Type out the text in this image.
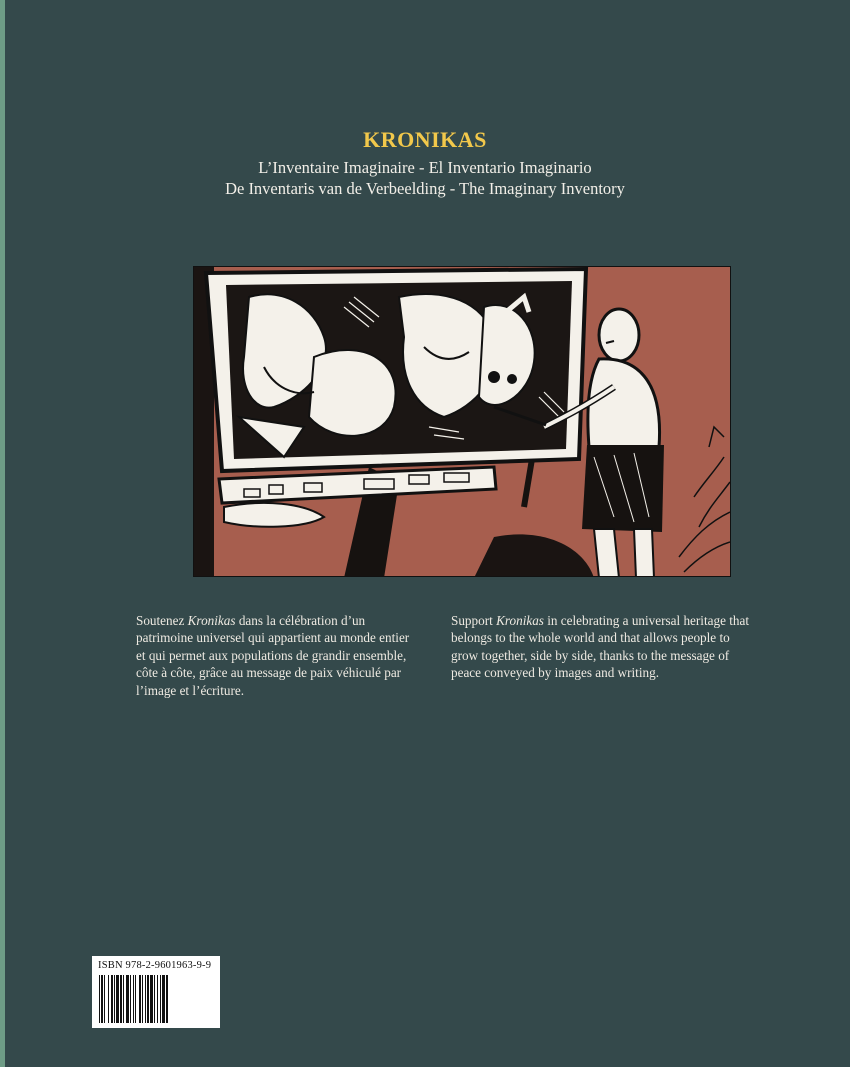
KRONIKAS
L’Inventaire Imaginaire - El Inventario Imaginario
De Inventaris van de Verbeelding - The Imaginary Inventory
Soutenez Kronikas dans la célébration d’un patrimoine universel qui appartient au monde entier et qui permet aux populations de grandir ensemble, côte à côte, grâce au message de paix véhiculé par l’image et l’écriture.
Support Kronikas in celebrating a universal heritage that belongs to the whole world and that allows people to grow together, side by side, thanks to the message of peace conveyed by images and writing.
ISBN 978-2-9601963-9-9
